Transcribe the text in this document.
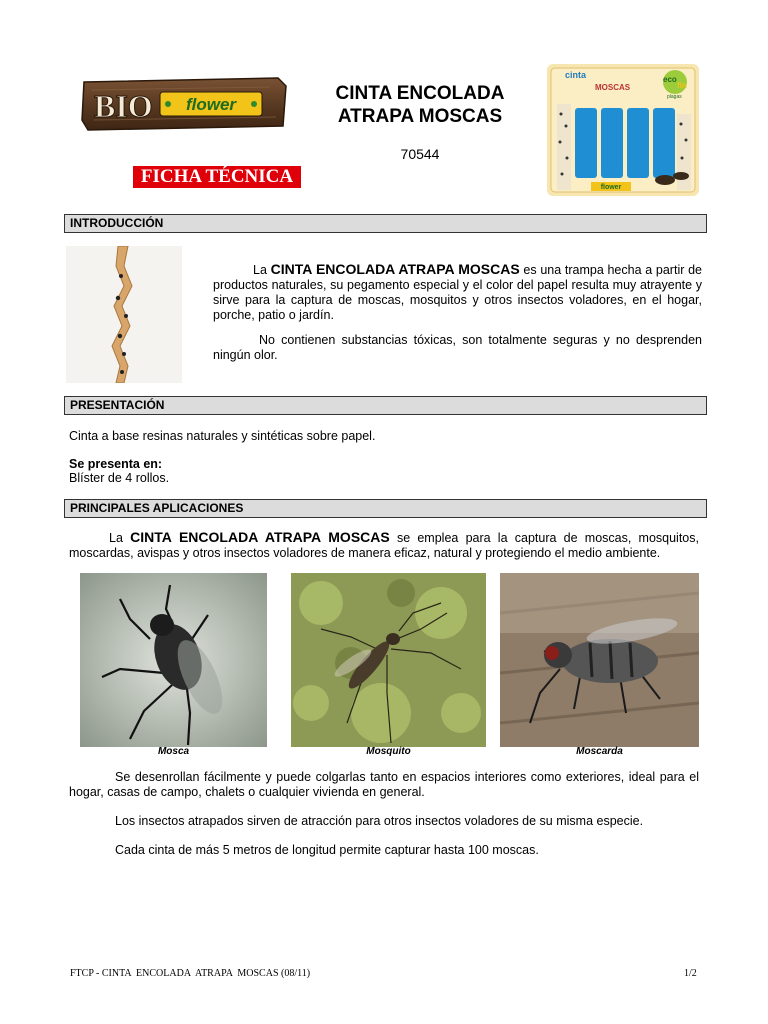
BIO flower
CINTA ENCOLADA
ATRAPA MOSCAS
70544
FICHA TÉCNICA
cinta
MOSCAS
eco
fin
plagas
flower
INTRODUCCIÓN
La CINTA ENCOLADA ATRAPA MOSCAS es una trampa hecha a partir de productos naturales, su pegamento especial y el color del papel resulta muy atrayente y sirve para la captura de moscas, mosquitos y otros insectos voladores, en el hogar, porche, patio o jardín.
No contienen substancias tóxicas, son totalmente seguras y no desprenden ningún olor.
PRESENTACIÓN
Cinta a base resinas naturales y sintéticas sobre papel.
Se presenta en:
Blíster de 4 rollos.
PRINCIPALES APLICACIONES
La CINTA ENCOLADA ATRAPA MOSCAS se emplea para la captura de moscas, mosquitos, moscardas, avispas y otros insectos voladores de manera eficaz, natural y protegiendo el medio ambiente.
Mosca	Mosquito	Moscarda
Se desenrollan fácilmente y puede colgarlas tanto en espacios interiores como exteriores, ideal para el hogar, casas de campo, chalets o cualquier vivienda en general.
Los insectos atrapados sirven de atracción para otros insectos voladores de su misma especie.
Cada cinta de más 5 metros de longitud permite capturar hasta 100 moscas.
FTCP - CINTA  ENCOLADA  ATRAPA  MOSCAS (08/11)	1/2
